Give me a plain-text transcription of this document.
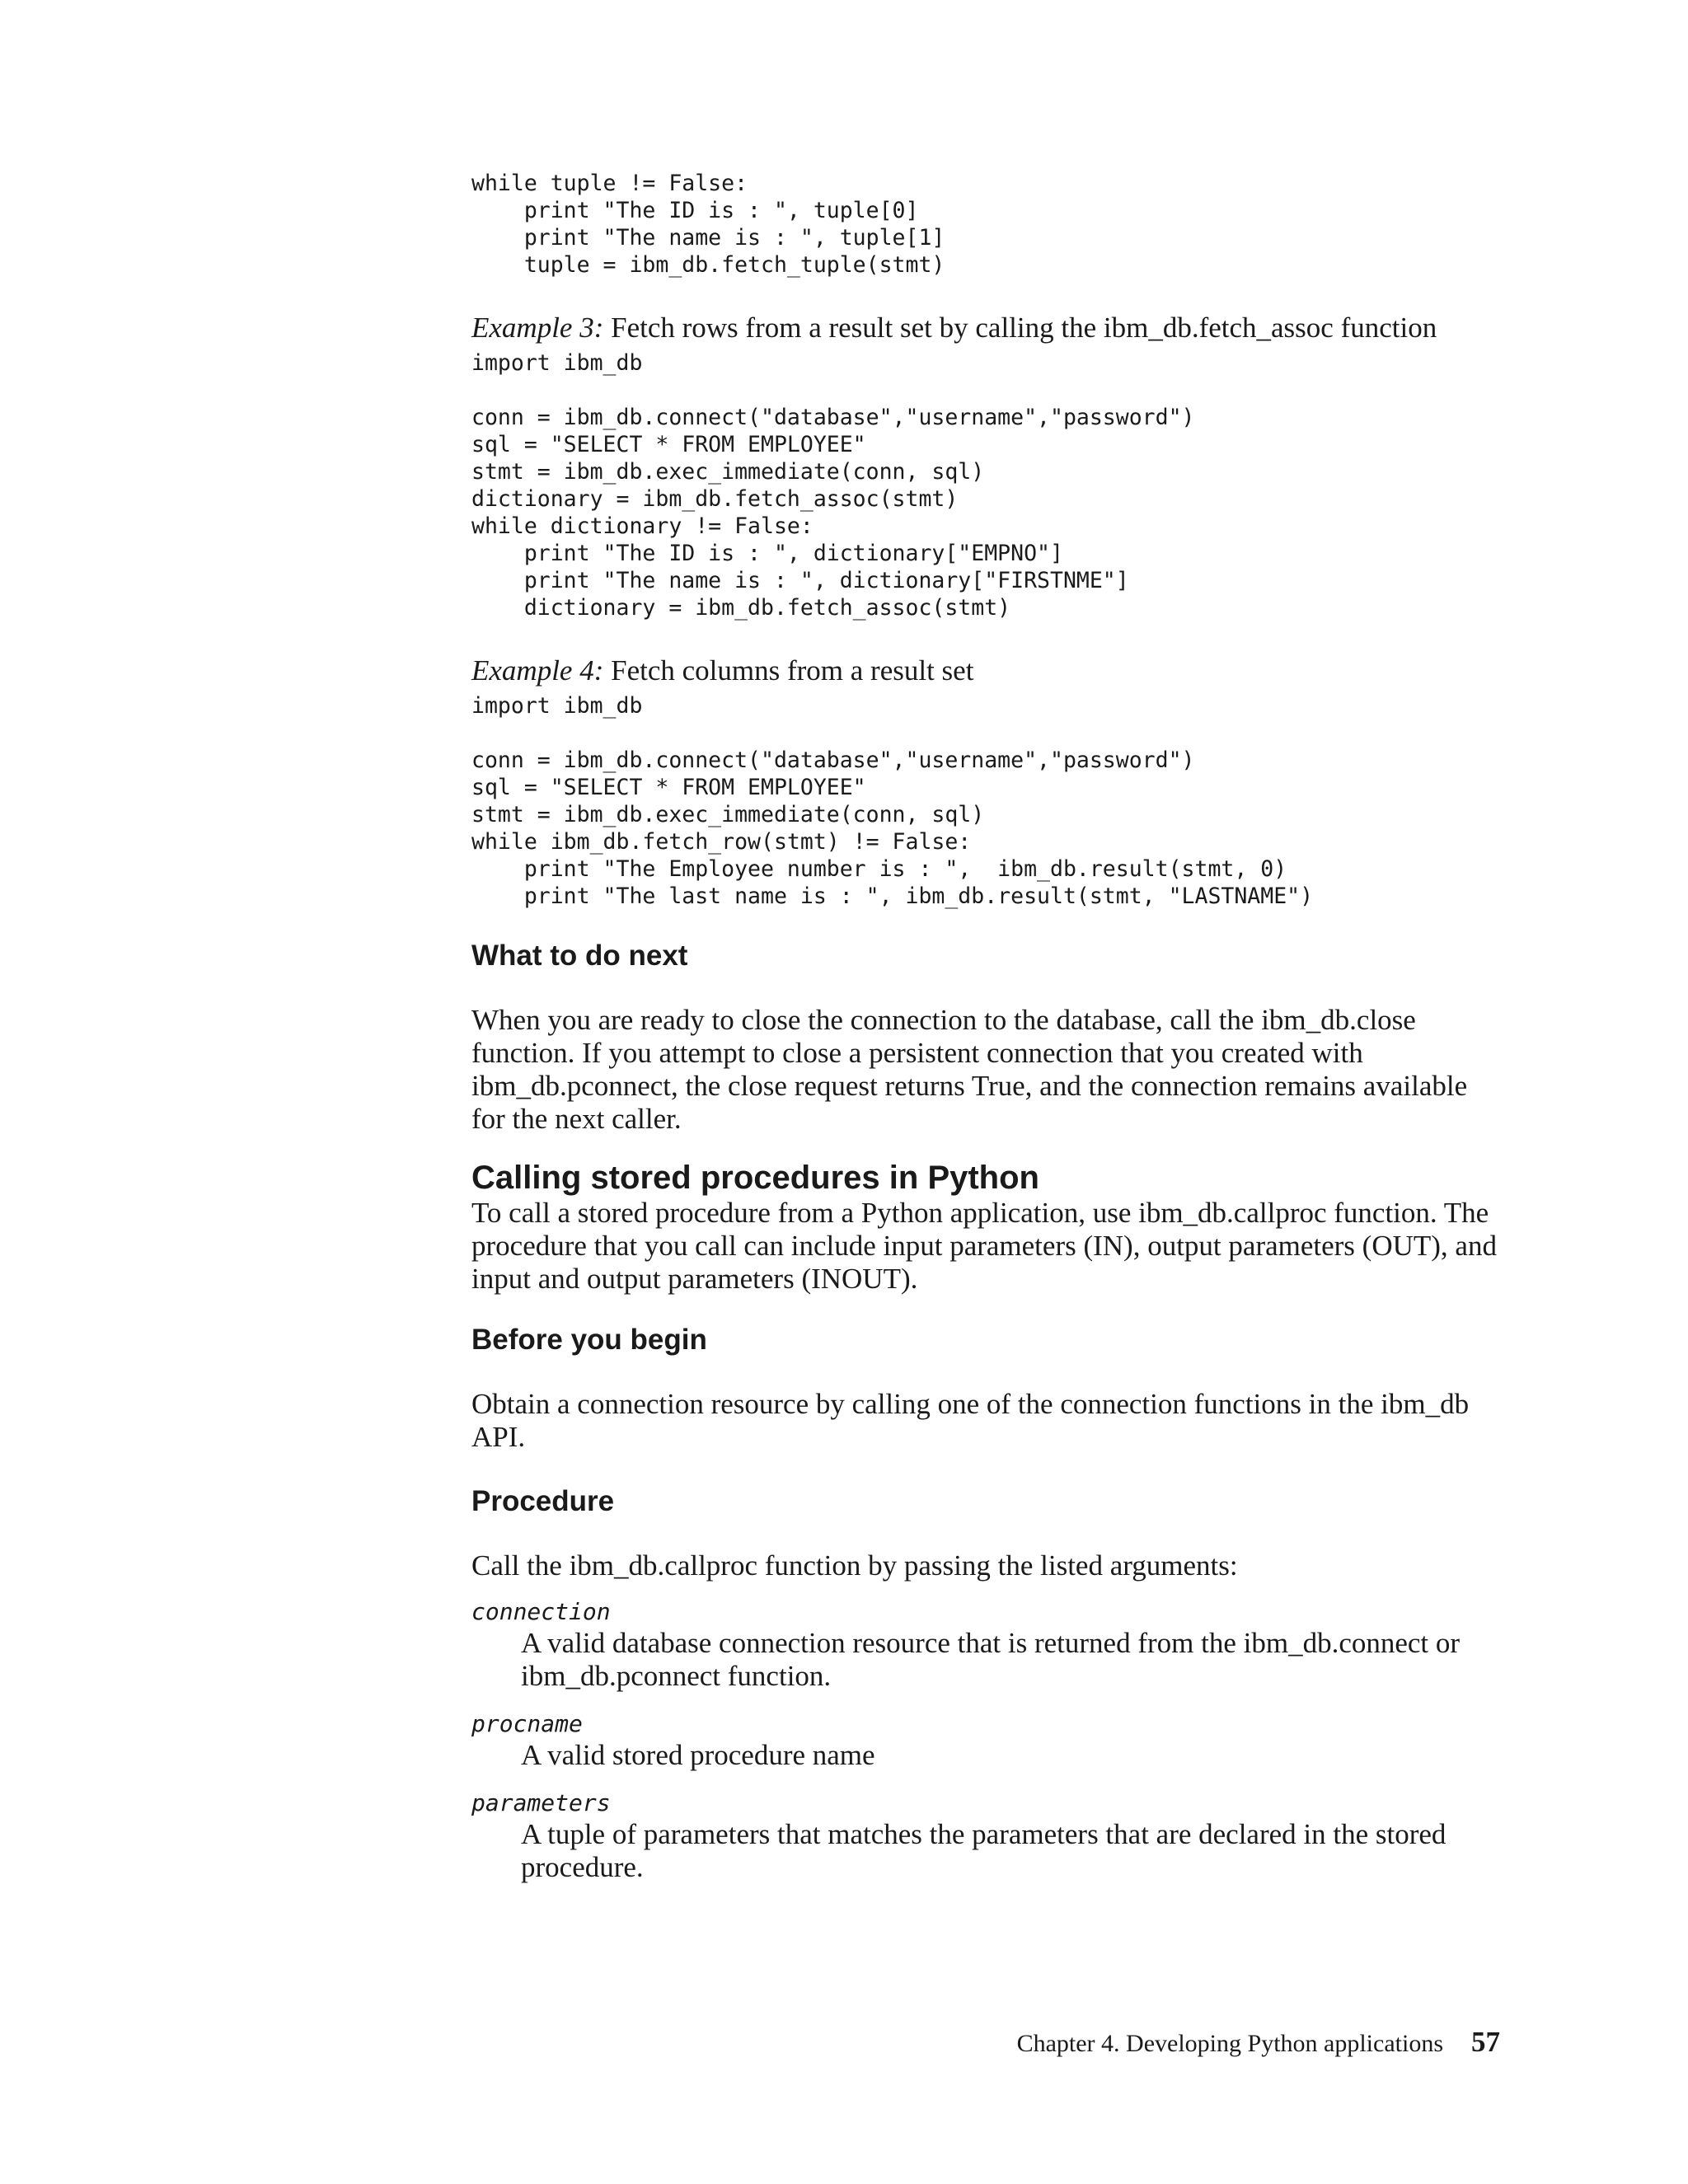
while tuple != False:
print "The ID is : ", tuple[0]
print "The name is : ", tuple[1]
tuple = ibm_db.fetch_tuple(stmt)

Example 3: Fetch rows from a result set by calling the ibm_db.fetch_assoc function

import ibm_db

conn = ibm_db.connect("database","username","password")
sql = "SELECT * FROM EMPLOYEE"
stmt = ibm_db.exec_immediate(conn, sql)
dictionary = ibm_db.fetch_assoc(stmt)
while dictionary != False:
print "The ID is : ", dictionary["EMPNO"]
print "The name is : ", dictionary["FIRSTNME"]
dictionary = ibm_db.fetch_assoc(stmt)

Example 4: Fetch columns from a result set

import ibm_db

conn = ibm_db.connect("database","username","password")
sql = "SELECT * FROM EMPLOYEE"
stmt = ibm_db.exec_immediate(conn, sql)
while ibm_db.fetch_row(stmt) != False:
print "The Employee number is : ",  ibm_db.result(stmt, 0)
print "The last name is : ", ibm_db.result(stmt, "LASTNAME")
What to do next

When you are ready to close the connection to the database, call the ibm_db.close function. If you attempt to close a persistent connection that you created with ibm_db.pconnect, the close request returns True, and the connection remains available for the next caller.

Calling stored procedures in Python

To call a stored procedure from a Python application, use ibm_db.callproc function. The procedure that you call can include input parameters (IN), output parameters (OUT), and input and output parameters (INOUT).

Before you begin

Obtain a connection resource by calling one of the connection functions in the ibm_db API.

Procedure

Call the ibm_db.callproc function by passing the listed arguments:

connection

A valid database connection resource that is returned from the ibm_db.connect or ibm_db.pconnect function.

procname

A valid stored procedure name

parameters

A tuple of parameters that matches the parameters that are declared in the stored procedure.

Chapter 4. Developing Python applications 57
